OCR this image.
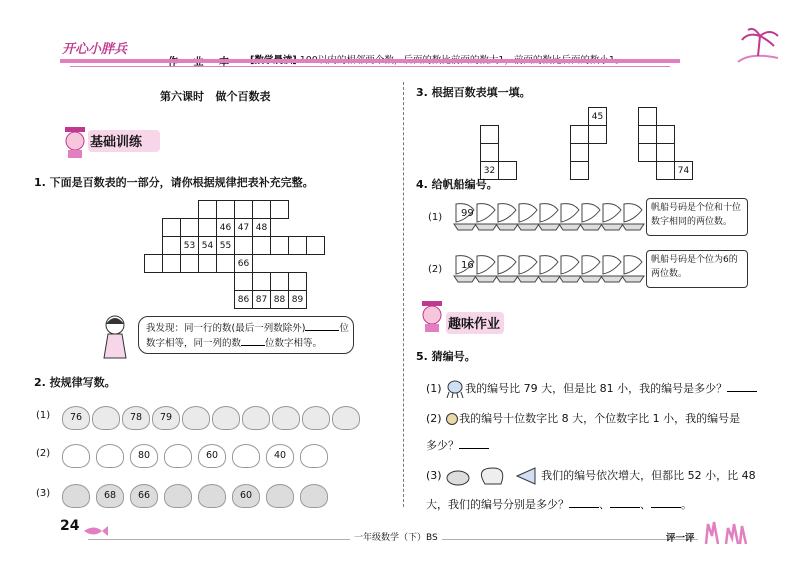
开心小胖兵
第六课时 做个百数表
基础训练
1. 下面是百数表的一部分，请你根据规律把表补充完整。

				46	47	48			
		53	54	55					
					66				

					86	87	88	89	
我发现：同一行的数(最后一列数除外)	位
数字相等，同一列的数	位数字相等。
2. 按规律写数。
(1)	76	78	79
(2)	80	60	40
(3)	68	66	60
3. 根据百数表填一填。

32	
	45

		74
4. 给帆船编号。
(1) 99	帆船号码是个位和十位数字相同的两位数。
(2) 16	帆船号码是个位为6的两位数。
趣味作业
5. 猜编号。
(1) 我的编号比 79 大，但是比 81 小，我的编号是多少？
(2) 我的编号十位数字比 8 大，个位数字比 1 小，我的编号是
多少？
(3)	我们的编号依次增大，但都比 52 小，比 48
大，我们的编号分别是多少？	、	、	。
24
一年级数学（下）BS	评一评
